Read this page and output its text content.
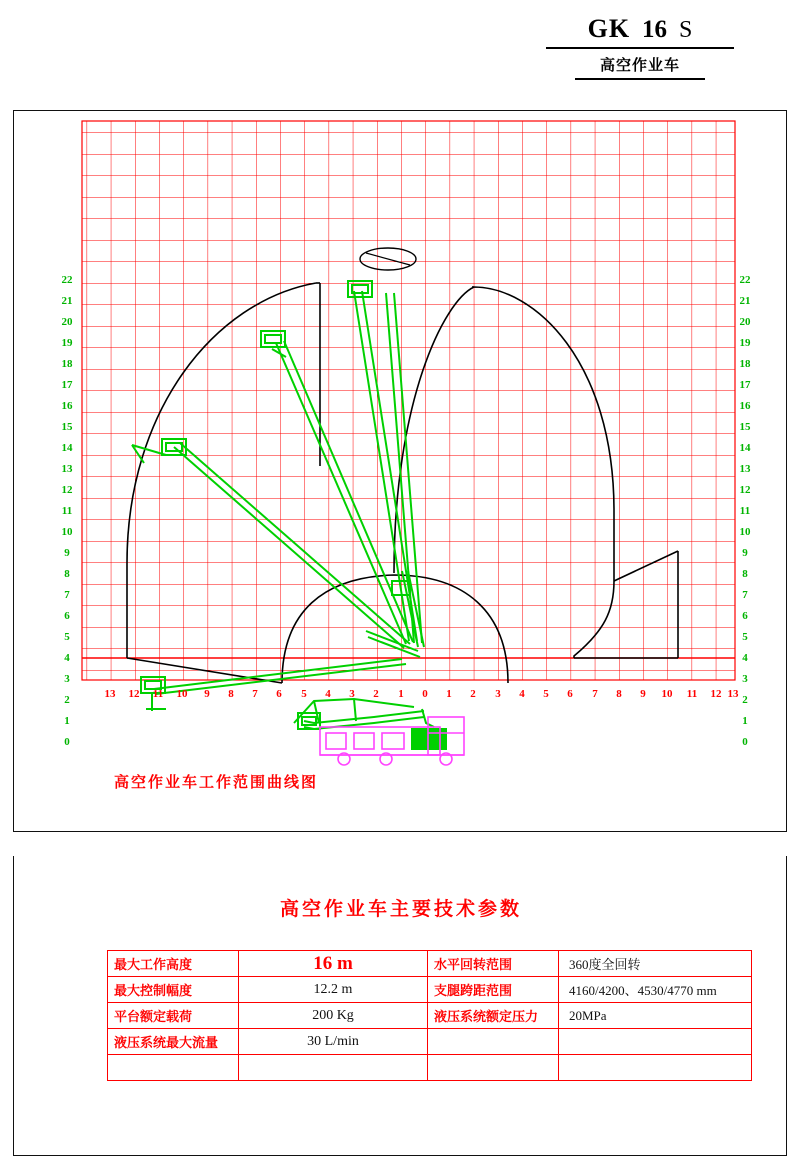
GK 16 S
高空作业车
22
21
20
19
18
17
16
15
14
13
12
11
10
9
8
7
6
5
4
3
2
1
0
22
21
20
19
18
17
16
15
14
13
12
11
10
9
8
7
6
5
4
3
2
1
0
13 12 11 10	9	8	7	6	5	4	3	2	1	0	1	2	3	4	5	6	7	8	9	10 11 12 13
高空作业车工作范围曲线图
高空作业车主要技术参数
最大工作高度	16 m	水平回转范围	360度全回转
最大控制幅度	12.2 m	支腿跨距范围	4160/4200、4530/4770 mm
平台额定载荷	200 Kg	液压系统额定压力	20MPa
液压系统最大流量	30 L/min		
